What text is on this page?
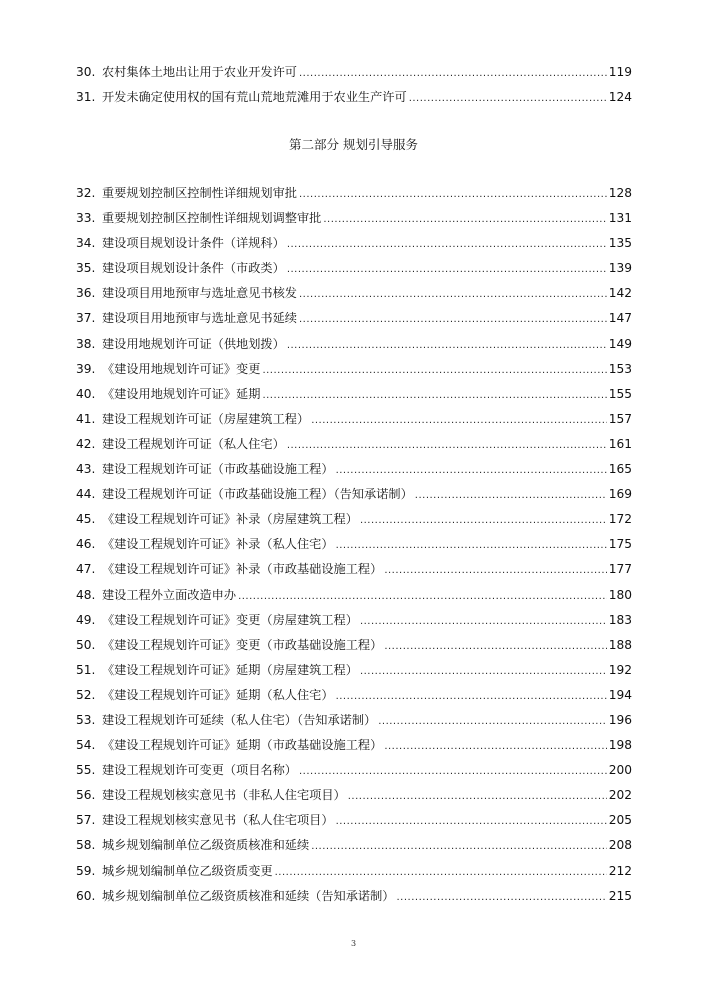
30. 农村集体土地出让用于农业开发许可 .....	119
31. 开发未确定使用权的国有荒山荒地荒滩用于农业生产许可 .....	124
第二部分 规划引导服务
32. 重要规划控制区控制性详细规划审批 .....	128
33. 重要规划控制区控制性详细规划调整审批 .....	131
34. 建设项目规划设计条件（详规科） .....	135
35. 建设项目规划设计条件（市政类） .....	139
36. 建设项目用地预审与选址意见书核发 .....	142
37. 建设项目用地预审与选址意见书延续 .....	147
38. 建设用地规划许可证（供地划拨） .....	149
39. 《建设用地规划许可证》变更 .....	153
40. 《建设用地规划许可证》延期 .....	155
41. 建设工程规划许可证（房屋建筑工程） .....	157
42. 建设工程规划许可证（私人住宅） .....	161
43. 建设工程规划许可证（市政基础设施工程） .....	165
44. 建设工程规划许可证（市政基础设施工程）（告知承诺制） .....	169
45. 《建设工程规划许可证》补录（房屋建筑工程） .....	172
46. 《建设工程规划许可证》补录（私人住宅） .....	175
47. 《建设工程规划许可证》补录（市政基础设施工程） .....	177
48. 建设工程外立面改造申办 .....	180
49. 《建设工程规划许可证》变更（房屋建筑工程） .....	183
50. 《建设工程规划许可证》变更（市政基础设施工程） .....	188
51. 《建设工程规划许可证》延期（房屋建筑工程） .....	192
52. 《建设工程规划许可证》延期（私人住宅） .....	194
53. 建设工程规划许可延续（私人住宅）（告知承诺制） .....	196
54. 《建设工程规划许可证》延期（市政基础设施工程） .....	198
55. 建设工程规划许可变更（项目名称） .....	200
56. 建设工程规划核实意见书（非私人住宅项目） .....	202
57. 建设工程规划核实意见书（私人住宅项目） .....	205
58. 城乡规划编制单位乙级资质核准和延续 .....	208
59. 城乡规划编制单位乙级资质变更 .....	212
60. 城乡规划编制单位乙级资质核准和延续（告知承诺制） .....	215
3
